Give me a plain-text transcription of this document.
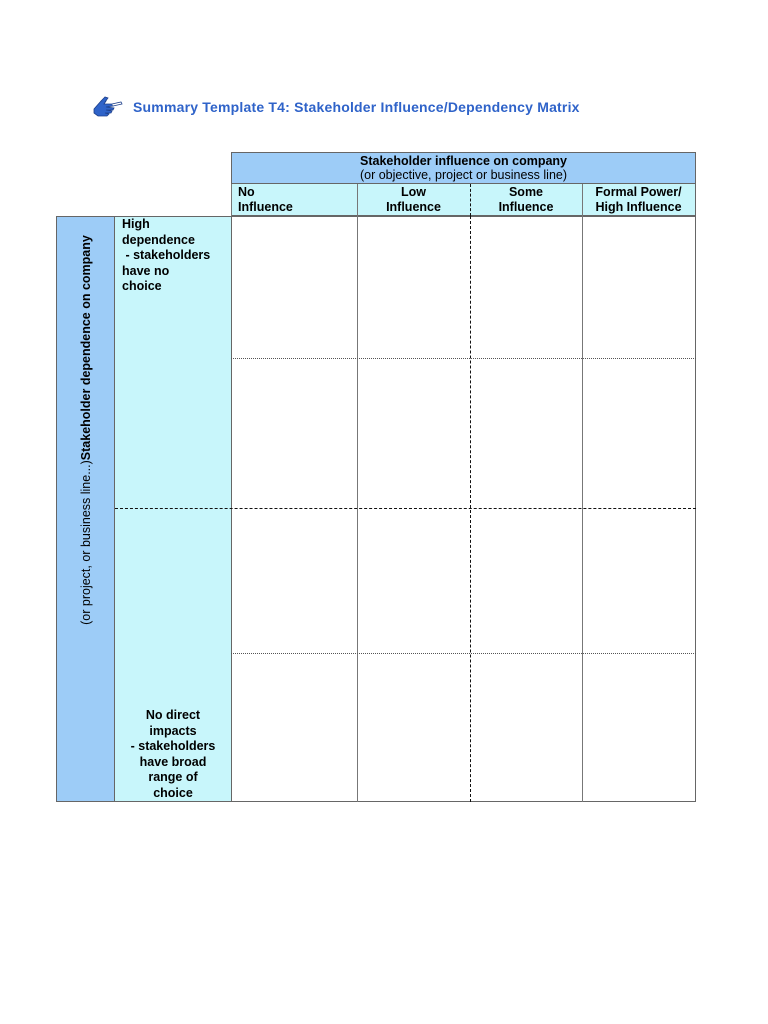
Summary Template T4: Stakeholder Influence/Dependency Matrix
Stakeholder influence on company
(or objective, project or business line)
No
Influence
Low
Influence
Some
Influence
Formal Power/
High Influence
(or project, or business line...)Stakeholder dependence on company
High
dependence
- stakeholders
have no
choice
No direct
impacts
- stakeholders
have broad
range of
choice
